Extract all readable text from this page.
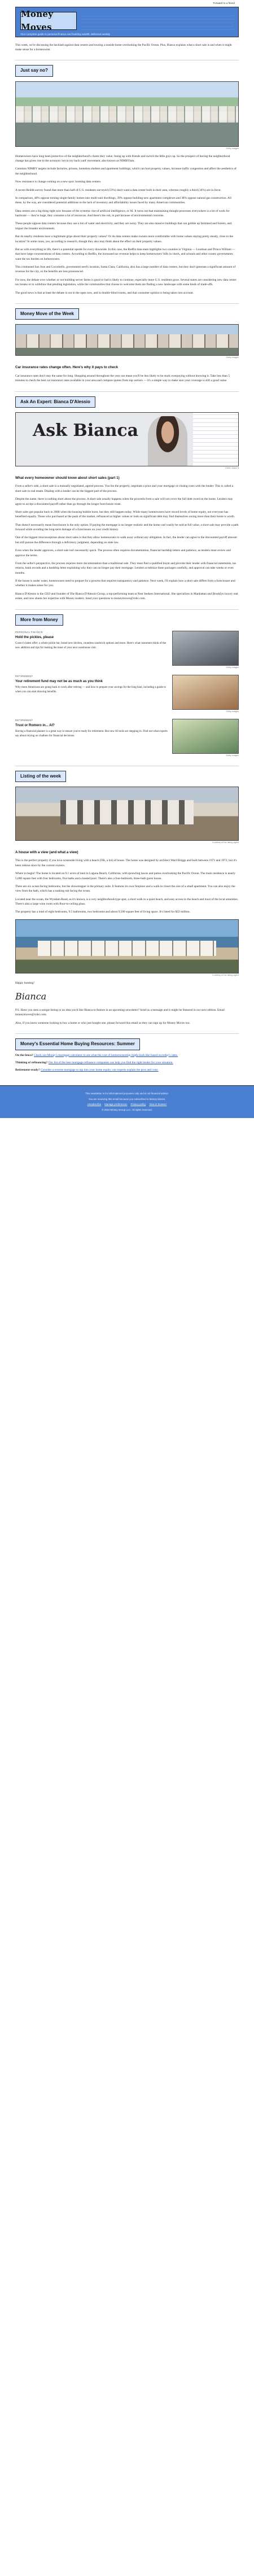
Forward to a friend
Money Moves
Your complete guide to personal finance and building wealth, delivered weekly

This week, we're discussing the backlash against data centers and touring a seaside home overlooking the Pacific Ocean. Plus, Bianca explains what a short sale is and when it might make sense for a homeowner.

Just say no?
Getty Images

Homeowners have long been protective of the neighborhood's charm they value, lining up with friends and switch the little guys up. So the prospect of having the neighborhood change has given rise to the acronym 'not in my back yard' movement, also known as NIMBYism.

Common NIMBY targets include factories, prisons, homeless shelters and apartment buildings, which can hurt property values, increase traffic congestion and affect the aesthetics of the neighborhood.

Now resistance is change coming on a new spot: looming data centers.

A recent Reddit survey found that more than half of U.S. residents surveyed (53%) don't want a data center built in their area, whereas roughly a third (34%) are in favor.

In comparison, 48% oppose turning single-family homes into multi-unit dwellings, 39% oppose building new apartment complexes and 38% oppose natural gas construction. All these, by the way, are considered potential additions to the lack of inventory and affordability issues faced by many American communities.

Data centers are a big thing right now because of the systemic rise of artificial intelligence, or AI. It turns out that maintaining thought processes everywhere is a lot of work for hardware — they're huge, they consume a lot of resources. And there's the rub, in part because of environmental concerns.

These people oppose data centers because they use a ton of water and electricity, and they are noisy. They are also massive buildings that can gobble up farmland and forests, and impact the broader environment.

But do nearby residents have a legitimate gripe about their property values? Or do data centers make owners more comfortable with home values staying pretty steady, close to the location? In some cases, yes, according to research, though they also may think about the effect on their property values.

But as with everything in life, there's a potential upside for every downside. In this case, the Redfin data team highlights two counties in Virginia — Loudoun and Prince William — that have large concentrations of data centers. According to Redfin, the increased tax revenue helps to keep homeowners' bills in check, and schools and other county governments want the tax burden on homeowners.

This contrasted San Jose and Cocodrello, government nerd's location, Santa Clara, California, also has a large number of data centers, but they don't generate a significant amount of revenue for the city, so the benefits are less pronounced.

For now, the debate over whether or not building server farms is good or bad is likely to continue, especially more U.S. residents grow. Several states are considering new data center tax breaks or to withdraw that pending legislation, while the communities that choose to welcome them are finding a new landscape with some kinds of trade-offs.

The good news is that at least the debate is out in the open now, and in double-blind rooms, and that consumer opinion is being taken into account.

Money Move of the Week
Getty Images
Car insurance rates change often. Here's why it pays to check

Car insurance rates don't stay the same for long. Shopping around throughout the year can mean you'll be less likely to be stuck overpaying without knowing it. Take less than 5 minutes to check the best car insurance rates available in your area and compare quotes from top carriers — it's a simple way to make sure your coverage is still a good value.

Ask An Expert: Bianca D'Alessio
Ask Bianca
CNBC Make It
What every homeowner should know about short sales (part 1)

From a seller's side, a short sale is a mutually negotiated, agreed process. You list the property, negotiate a price and your mortgage or closing costs with the lender. This is called a short sale in real estate. Dealing with a lender can be the biggest part of the process.

Despite the name, there is nothing short about the process. A short sale usually happens when the proceeds from a sale will not cover the full debt owed on the home. Lenders may agree to accept a discounted payoff rather than go through the longer foreclosure route.

Short sales got popular back in 2008 when the housing bubble burst, but they still happen today. While many homeowners have record levels of home equity, not everyone has benefited equally. Those who purchased at the peak of the market, refinanced at higher values or took on significant debt may find themselves owing more than their home is worth.

That doesn't necessarily mean foreclosure is the only option. If paying the mortgage is no longer realistic and the home can't easily be sold at full value, a short sale may provide a path forward while avoiding the long-term damage of a foreclosure on your credit history.

One of the biggest misconceptions about short sales is that they allow homeowners to walk away without any obligation. In fact, the lender can agree to the discounted payoff amount but still pursue the difference through a deficiency judgment, depending on state law.

Even when the lender approves, a short sale isn't necessarily quick. The process often requires documentation, financial hardship letters and patience, as lenders must review and approve the terms.

From the seller's perspective, the process requires more documentation than a traditional sale. They must find a qualified buyer and provide their lender with financial statements, tax returns, bank records and a hardship letter explaining why they can no longer pay their mortgage. Lenders scrutinize these packages carefully, and approval can take weeks or even months.

If the house is under water, homeowners need to prepare for a process that requires transparency and patience. Next week, I'll explain how a short sale differs from a foreclosure and whether it makes sense for you.

Bianca D'Alessio is the CEO and founder of The Bianca D'Alessio Group, a top-performing team at Nest Seekers International. She specializes in Manhattan and Brooklyn luxury real estate, and now shares her expertise with Money readers. Send your questions to moneymoves@cnbc.com.

More from Money
PERSONAL FINANCE
Hold the pickles, please
Costco's latest offer: a whole pickle bar, brand new kitchen, countless sandwich options and more. Here's what customers think of the new addition and tips for making the most of your next warehouse visit.
Getty Images
RETIREMENT
Your retirement fund may not be as much as you think
Why more Americans are going back to work after retiring — and how to prepare your savings for the long haul, including a guide to when you can start drawing benefits.
Getty Images
RETIREMENT
Trust or Romero in... AI?
Having a financial planner is a great way to ensure you're ready for retirement. But now AI tools are stepping in. Find out what experts say about relying on chatbots for financial decisions.
Getty Images
Listing of the week
Courtesy of the listing agent
A house with a view (and what a view)

This is the perfect property if you love oceanside living with a beach (OK, a lot) of house. The home was designed by architect Ward Briggs and built between 1971 and 1972, but it's been redone since by the current owners.

Where to begin? The home is located on 9.1 acres of land in Laguna Beach, California, with sprawling lawns and patios overlooking the Pacific Ocean. The main residence is nearly 5,000 square feet with four bedrooms, five baths and a heated pool. There's also a four-bedroom, three-bath guest house.

There are six ocean-facing bedrooms, but the showstopper is the primary suite. It features its own fireplace and a walk-in closet the size of a small apartment. You can also enjoy the view from the bath, which has a soaking tub facing the ocean.

Located near the ocean, the Wyndam Road, as it's known, is a very neighborhood-type spot, a short walk to a quiet beach, and easy access to the beach and most of the local amenities. There's also a large wine room with floor-to-ceiling glass.

The property has a total of eight bedrooms, 9.5 bathrooms, two bedrooms and about 9,500 square feet of living space. It's listed for $22 million.

Courtesy of the listing agent

Happy hunting!

Bianca

P.S. Have you seen a unique listing or an idea you'd like Bianca to feature in an upcoming newsletter? Send us a message and it might be featured in our next edition. Email moneymoves@cnbc.com.

Also, if you know someone looking to buy a home or who just bought one, please forward this email so they can sign up for Money Moves too.

Money's Essential Home Buying Resources: Summer

On the fence? Check out Money's mortgage calculator to see what the cost of homeownership might look like based on today's rates.

Thinking of refinancing? Our list of the best mortgage refinance companies can help you find the right lender for your situation.

Retirement-ready? Consider a reverse mortgage to tap into your home equity; our experts explain the pros and cons.

This newsletter is for informational purposes only and is not financial advice.

You are receiving this email because you subscribed to Money Moves.

Unsubscribe Manage preferences Privacy policy View in browser

© 2024 Money Group LLC. All rights reserved.
